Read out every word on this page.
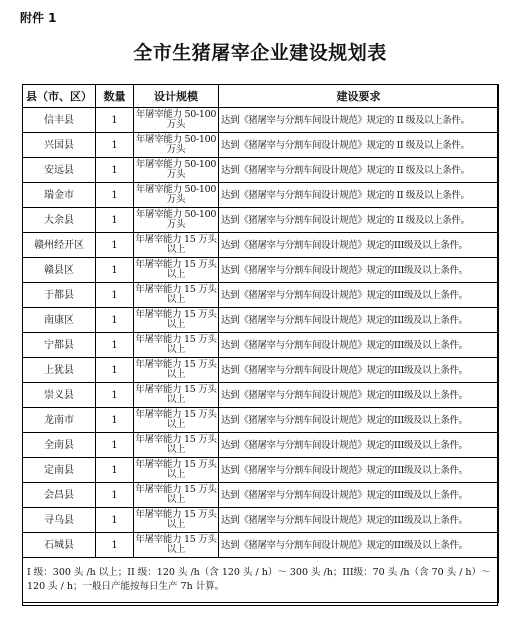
附件 1
全市生猪屠宰企业建设规划表
县（市、区）	数量	设计规模	建设要求
信丰县	1	年屠宰能力 50-100 万头	达到《猪屠宰与分割车间设计规范》规定的 II 级及以上条件。
兴国县	1	年屠宰能力 50-100 万头	达到《猪屠宰与分割车间设计规范》规定的 II 级及以上条件。
安远县	1	年屠宰能力 50-100 万头	达到《猪屠宰与分割车间设计规范》规定的 II 级及以上条件。
瑞金市	1	年屠宰能力 50-100 万头	达到《猪屠宰与分割车间设计规范》规定的 II 级及以上条件。
大余县	1	年屠宰能力 50-100 万头	达到《猪屠宰与分割车间设计规范》规定的 II 级及以上条件。
赣州经开区	1	年屠宰能力 15 万头以上	达到《猪屠宰与分割车间设计规范》规定的III级及以上条件。
赣县区	1	年屠宰能力 15 万头以上	达到《猪屠宰与分割车间设计规范》规定的III级及以上条件。
于都县	1	年屠宰能力 15 万头以上	达到《猪屠宰与分割车间设计规范》规定的III级及以上条件。
南康区	1	年屠宰能力 15 万头以上	达到《猪屠宰与分割车间设计规范》规定的III级及以上条件。
宁都县	1	年屠宰能力 15 万头以上	达到《猪屠宰与分割车间设计规范》规定的III级及以上条件。
上犹县	1	年屠宰能力 15 万头以上	达到《猪屠宰与分割车间设计规范》规定的III级及以上条件。
崇义县	1	年屠宰能力 15 万头以上	达到《猪屠宰与分割车间设计规范》规定的III级及以上条件。
龙南市	1	年屠宰能力 15 万头以上	达到《猪屠宰与分割车间设计规范》规定的III级及以上条件。
全南县	1	年屠宰能力 15 万头以上	达到《猪屠宰与分割车间设计规范》规定的III级及以上条件。
定南县	1	年屠宰能力 15 万头以上	达到《猪屠宰与分割车间设计规范》规定的III级及以上条件。
会昌县	1	年屠宰能力 15 万头以上	达到《猪屠宰与分割车间设计规范》规定的III级及以上条件。
寻乌县	1	年屠宰能力 15 万头以上	达到《猪屠宰与分割车间设计规范》规定的III级及以上条件。
石城县	1	年屠宰能力 15 万头以上	达到《猪屠宰与分割车间设计规范》规定的III级及以上条件。
I 级：300 头 /h 以上；II 级：120 头 /h（含 120 头 / h）～ 300 头 /h；III级：70 头 /h（含 70 头 / h）～ 120 头 / h；一般日产能按每日生产 7h 计算。			
